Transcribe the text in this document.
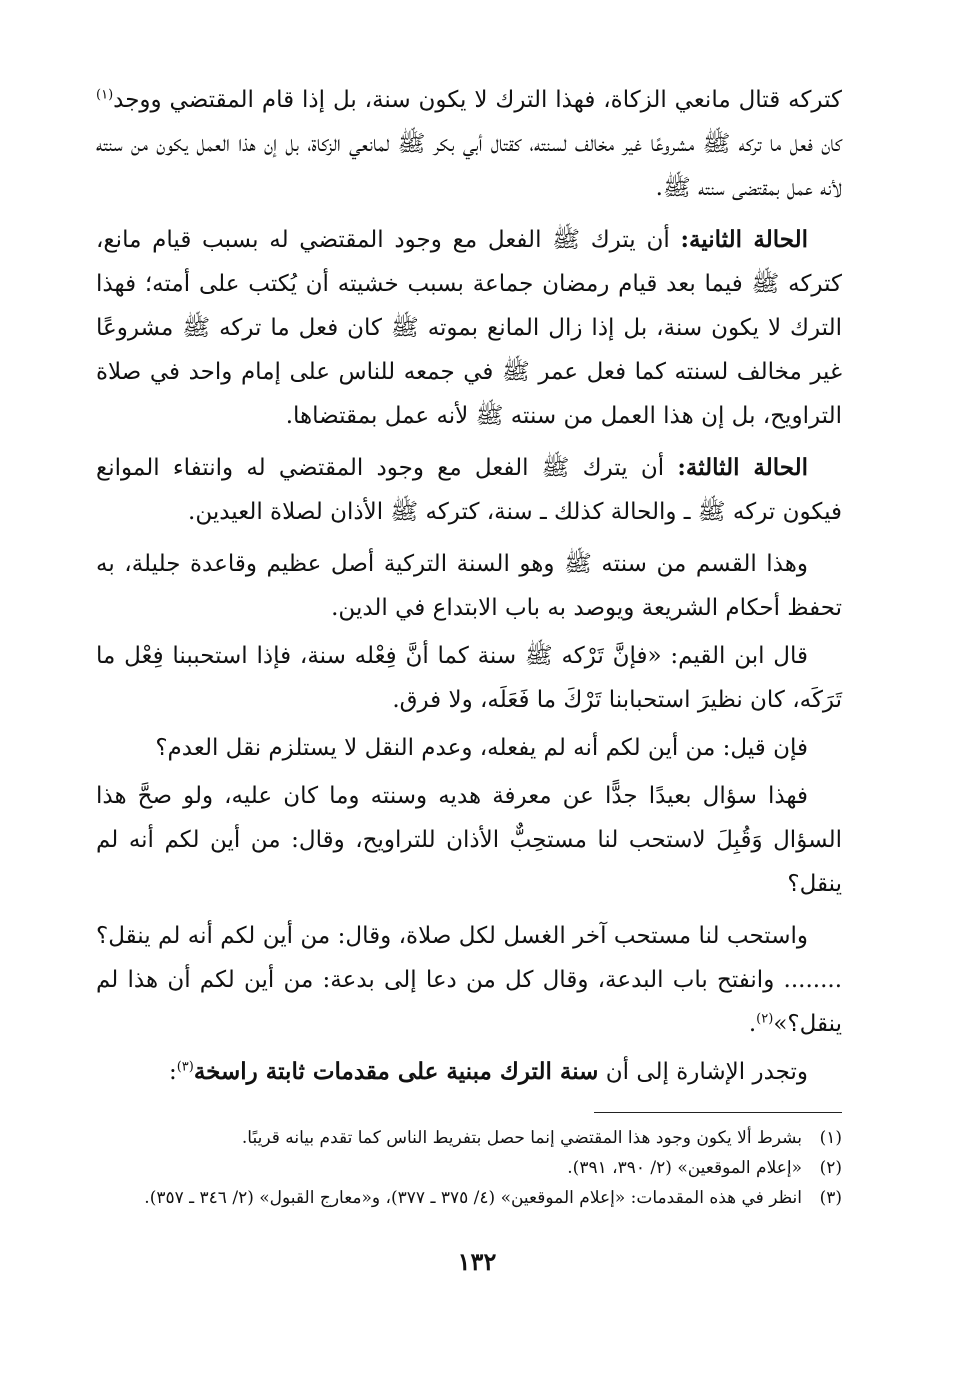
كتركه قتال مانعي الزكاة، فهذا الترك لا يكون سنة، بل إذا قام المقتضي ووجد$^{(١)}$ كان فعل ما تركه ﷺ مشروعًا غير مخالف لسنته، كقتال أبي بكر ﷺ لمانعي الزكاة، بل إن هذا العمل يكون من سنته لأنه عمل بمقتضى سنته ﷺ.

الحالة الثانية: أن يترك ﷺ الفعل مع وجود المقتضي له بسبب قيام مانع، كتركه ﷺ فيما بعد قيام رمضان جماعة بسبب خشيته أن يُكتب على أمته؛ فهذا الترك لا يكون سنة، بل إذا زال المانع بموته ﷺ كان فعل ما تركه ﷺ مشروعًا غير مخالف لسنته كما فعل عمر ﷺ في جمعه للناس على إمام واحد في صلاة التراويح، بل إن هذا العمل من سنته ﷺ لأنه عمل بمقتضاها.

الحالة الثالثة: أن يترك ﷺ الفعل مع وجود المقتضي له وانتفاء الموانع فيكون تركه ﷺ ـ والحالة كذلك ـ سنة، كتركه ﷺ الأذان لصلاة العيدين.

وهذا القسم من سنته ﷺ وهو السنة التركية أصل عظيم وقاعدة جليلة، به تحفظ أحكام الشريعة ويوصد به باب الابتداع في الدين.

قال ابن القيم: «فإنَّ تَرْكه ﷺ سنة كما أنَّ فِعْله سنة، فإذا استحببنا فِعْل ما تَرَكَه، كان نظيرَ استحبابنا تَرْكَ ما فَعَلَه، ولا فرق.

فإن قيل: من أين لكم أنه لم يفعله، وعدم النقل لا يستلزم نقل العدم؟

فهذا سؤال بعيدًا جدًّا عن معرفة هديه وسنته وما كان عليه، ولو صحَّ هذا السؤال وَقُبِلَ لاستحب لنا مستحِبٌّ الأذان للتراويح، وقال: من أين لكم أنه لم ينقل؟

واستحب لنا مستحب آخر الغسل لكل صلاة، وقال: من أين لكم أنه لم ينقل؟ ........ وانفتح باب البدعة، وقال كل من دعا إلى بدعة: من أين لكم أن هذا لم ينقل؟»$^{(٢)}$.

وتجدر الإشارة إلى أن سنة الترك مبنية على مقدمات ثابتة راسخة$^{(٣)}$:

(١)
بشرط ألا يكون وجود هذا المقتضي إنما حصل بتفريط الناس كما تقدم بيانه قريبًا.
(٢)
«إعلام الموقعين» (٢/ ٣٩٠، ٣٩١).
(٣)
انظر في هذه المقدمات: «إعلام الموقعين» (٤/ ٣٧٥ ـ ٣٧٧)، و«معارج القبول» (٢/ ٣٤٦ ـ ٣٥٧).
١٣٢
